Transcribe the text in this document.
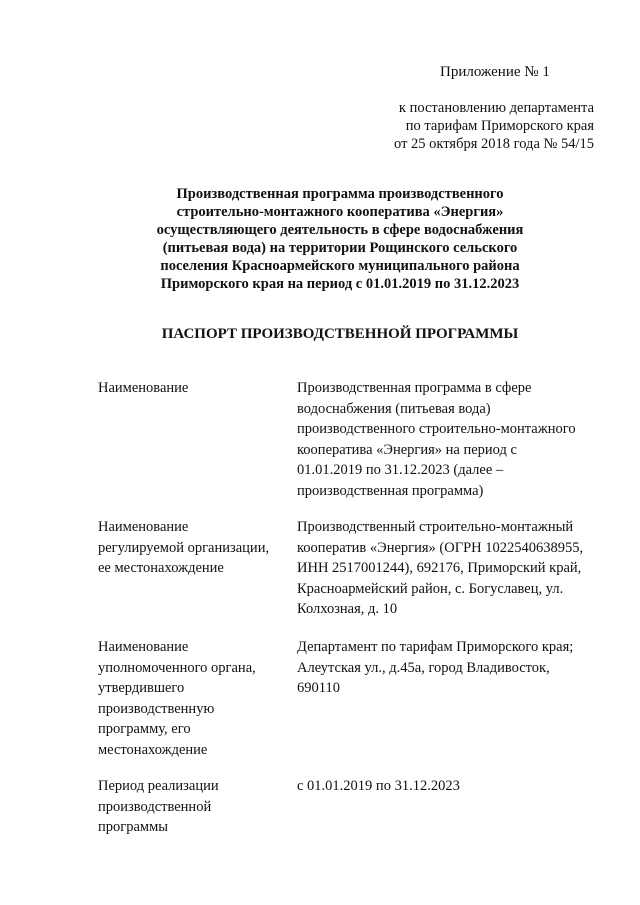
Приложение № 1
к постановлению департамента
по тарифам Приморского края
от 25 октября 2018 года № 54/15
Производственная программа производственного
строительно-монтажного кооператива «Энергия»
осуществляющего деятельность в сфере водоснабжения
(питьевая вода) на территории Рощинского сельского
поселения Красноармейского муниципального района
Приморского края на период с 01.01.2019 по 31.12.2023
ПАСПОРТ ПРОИЗВОДСТВЕННОЙ ПРОГРАММЫ
Наименование	Производственная программа в сфере
водоснабжения (питьевая вода)
производственного строительно-монтажного
кооператива «Энергия» на период с
01.01.2019 по 31.12.2023 (далее –
производственная программа)
Наименование
регулируемой организации,
ее местонахождение
Производственный строительно-монтажный
кооператив «Энергия» (ОГРН 1022540638955,
ИНН 2517001244), 692176, Приморский край,
Красноармейский район, с. Богуславец, ул.
Колхозная, д. 10
Наименование
уполномоченного органа,
утвердившего
производственную
программу, его
местонахождение
Департамент по тарифам Приморского края;
Алеутская ул., д.45а, город Владивосток,
690110
Период реализации
производственной
программы
с 01.01.2019 по 31.12.2023
